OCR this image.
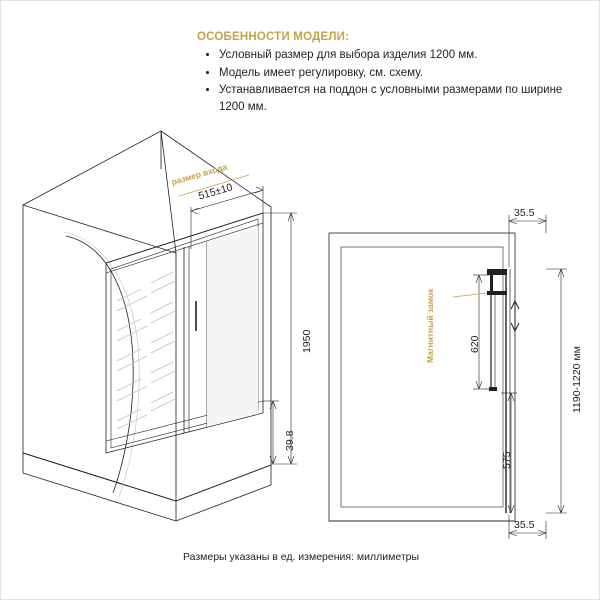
ОСОБЕННОСТИ МОДЕЛИ:
• Условный размер для выбора изделия 1200 мм.
• Модель имеет регулировку, см. схему.
• Устанавливается на поддон с условными размерами по ширине 1200 мм.
размер входа
515±10
1950
39.8
35.5
35.5
Магнитный замок	620
575
1190-1220 мм
Размеры указаны в ед. измерения: миллиметры
